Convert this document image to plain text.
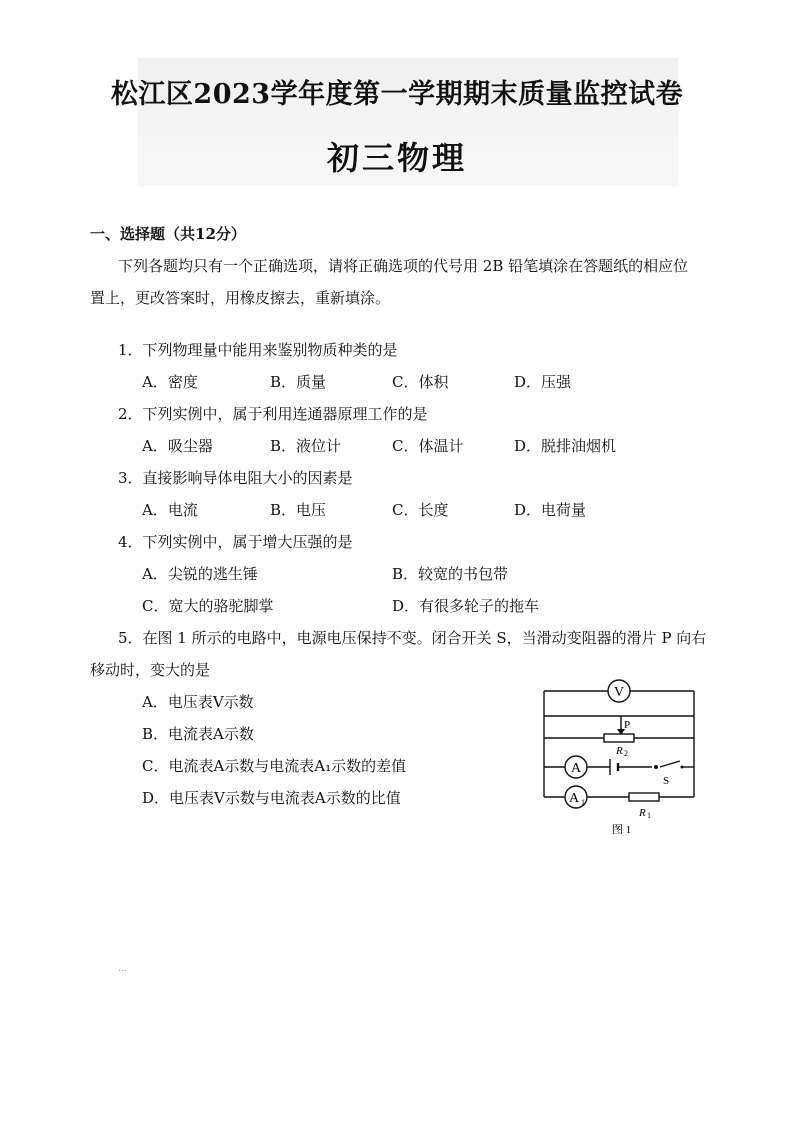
松江区2023学年度第一学期期末质量监控试卷
初三物理
一、选择题（共12分）
下列各题均只有一个正确选项，请将正确选项的代号用 2B 铅笔填涂在答题纸的相应位
置上，更改答案时，用橡皮擦去，重新填涂。
1．下列物理量中能用来鉴别物质种类的是
A．密度	B．质量	C．体积	D．压强
2．下列实例中，属于利用连通器原理工作的是
A．吸尘器	B．液位计	C．体温计	D．脱排油烟机
3．直接影响导体电阻大小的因素是
A．电流	B．电压	C．长度	D．电荷量
4．下列实例中，属于增大压强的是
A．尖锐的逃生锤	B．较宽的书包带
C．宽大的骆驼脚掌	D．有很多轮子的拖车
5．在图 1 所示的电路中，电源电压保持不变。闭合开关 S，当滑动变阻器的滑片 P 向右
移动时，变大的是
A．电压表V示数
B．电流表A示数
C．电流表A示数与电流表A₁示数的差值
D．电压表V示数与电流表A示数的比值
V
P
R 2
A
S
A 1
R 1
图 1
...
